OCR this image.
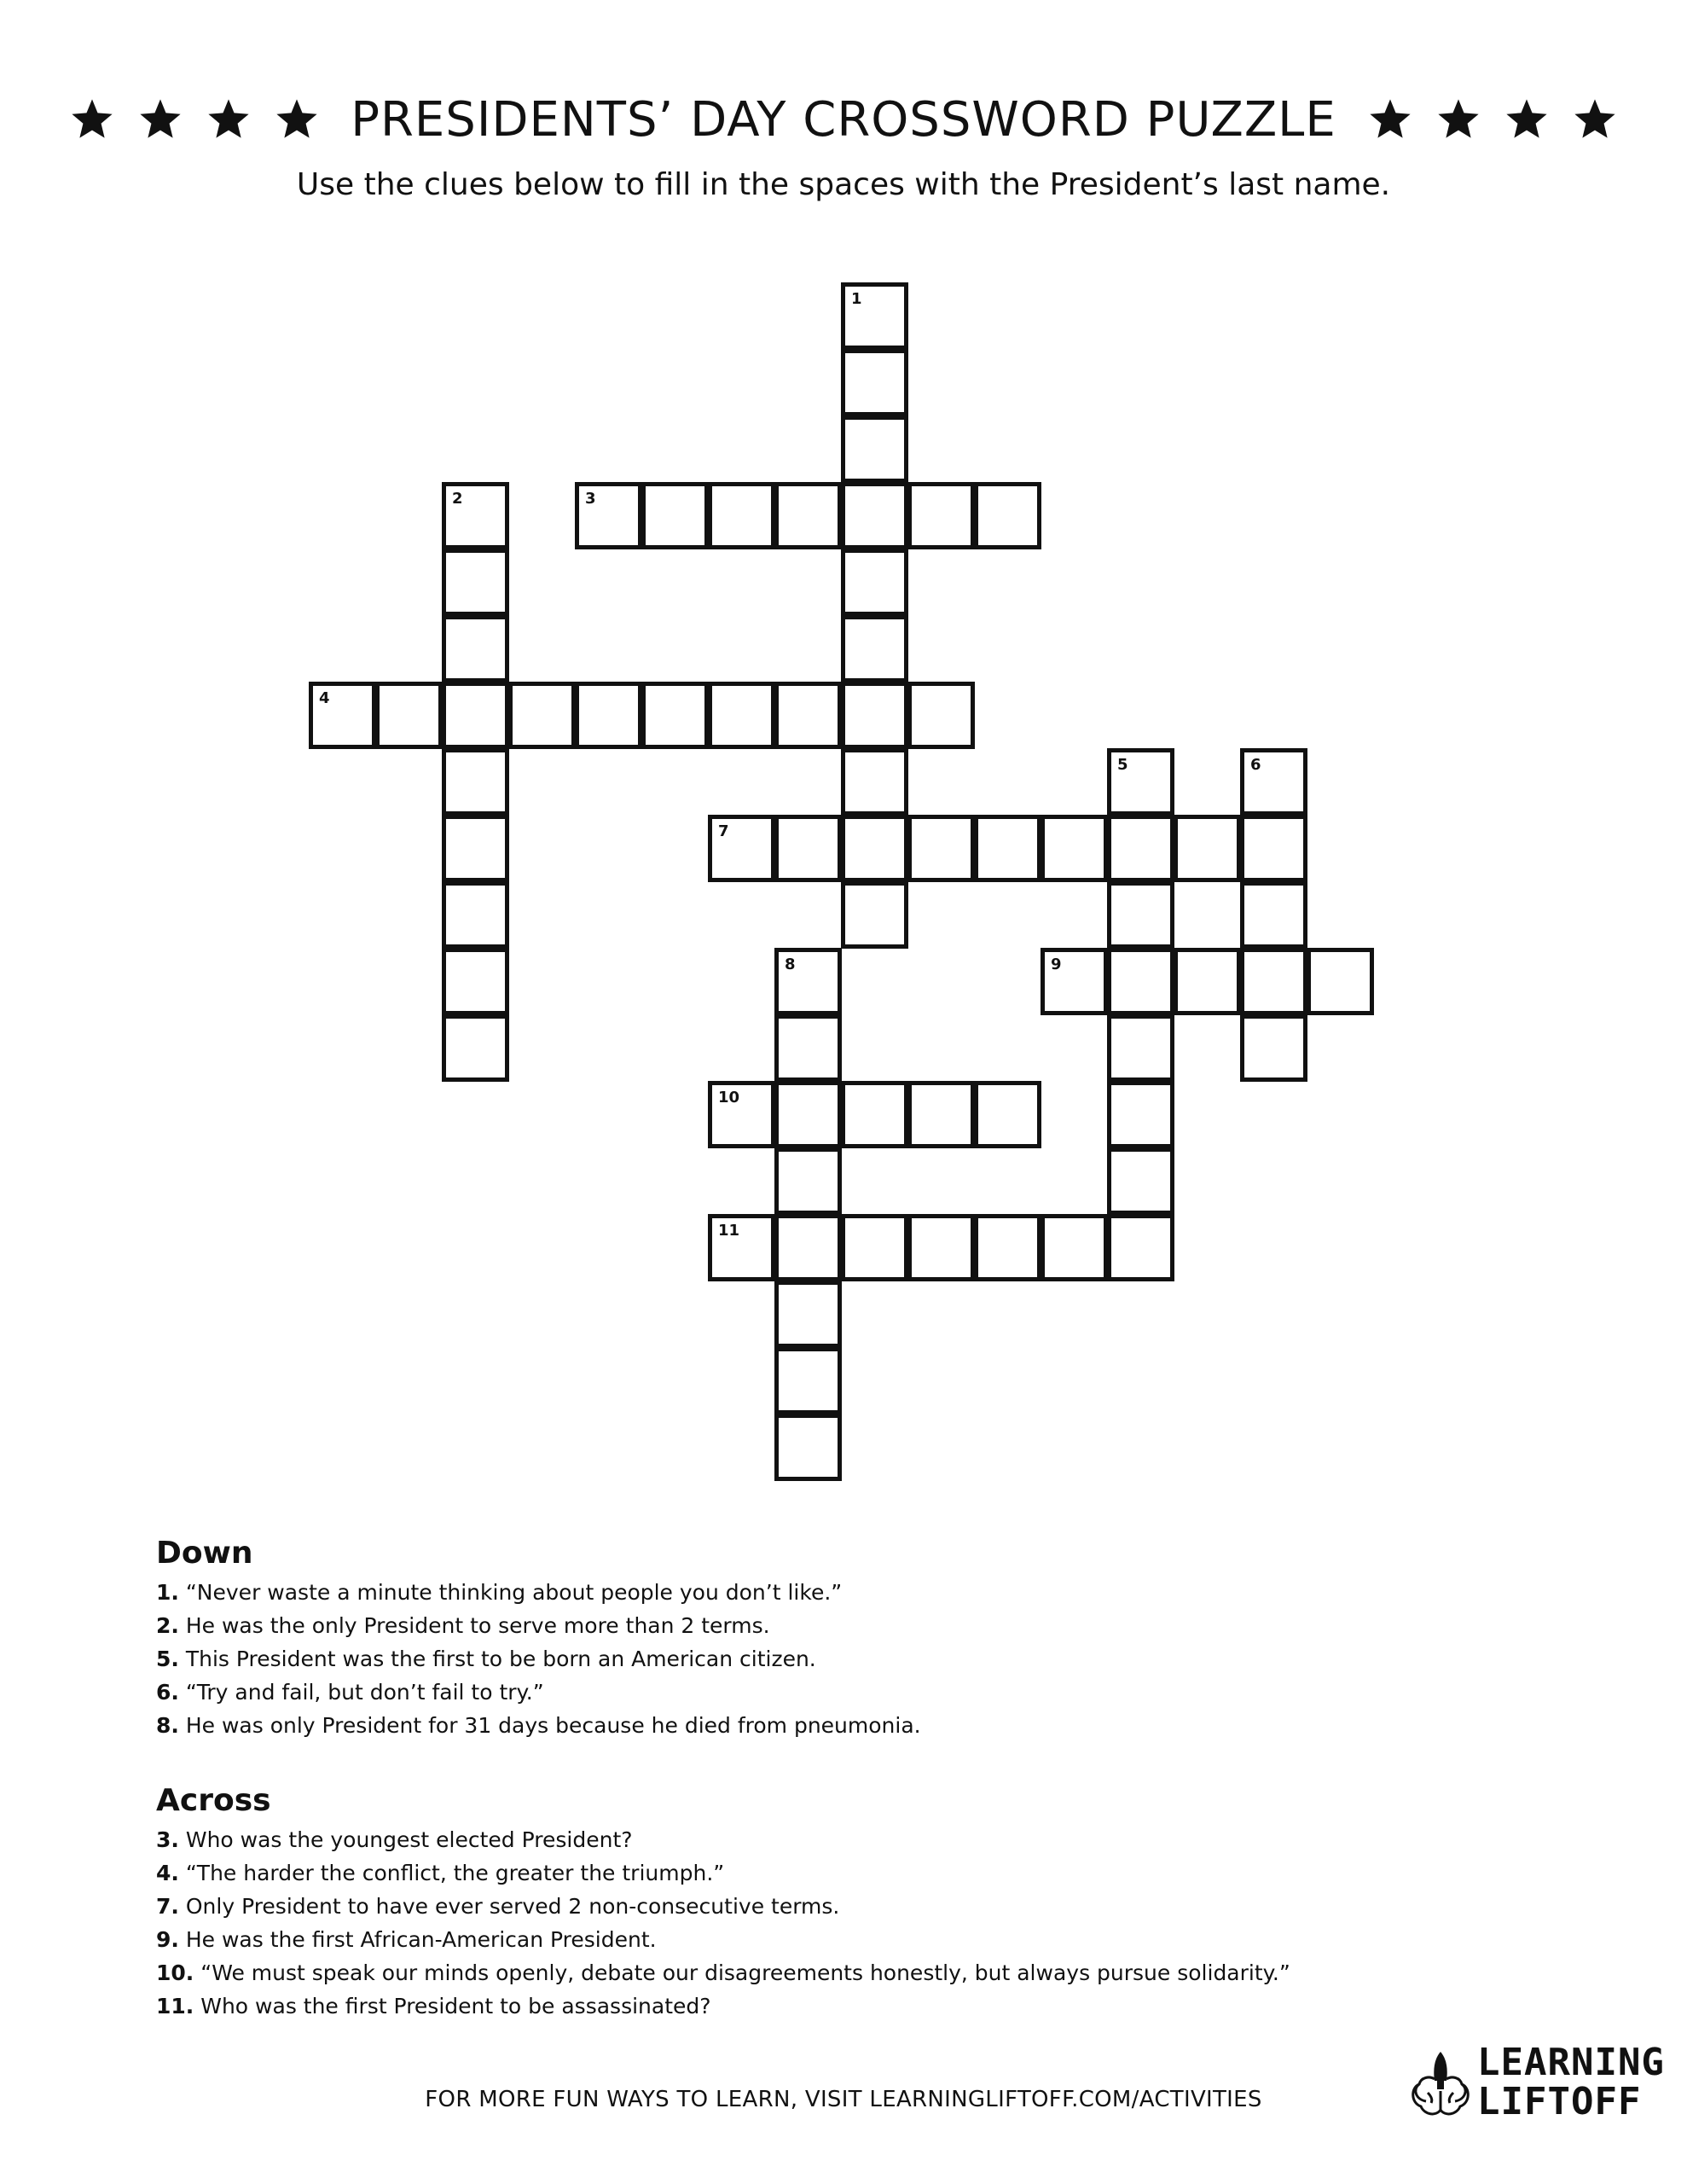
PRESIDENTS’ DAY CROSSWORD PUZZLE
Use the clues below to fill in the spaces with the President’s last name.
1
2	3
4
5	6
7
8	9
10
11
Down
1. “Never waste a minute thinking about people you don’t like.”
2. He was the only President to serve more than 2 terms.
5. This President was the first to be born an American citizen.
6. “Try and fail, but don’t fail to try.”
8. He was only President for 31 days because he died from pneumonia.
Across
3. Who was the youngest elected President?
4. “The harder the conflict, the greater the triumph.”
7. Only President to have ever served 2 non-consecutive terms.
9. He was the first African-American President.
10. “We must speak our minds openly, debate our disagreements honestly, but always pursue solidarity.”
11. Who was the first President to be assassinated?
FOR MORE FUN WAYS TO LEARN, VISIT LEARNINGLIFTOFF.COM/ACTIVITIES
LEARNING
LIFTOFF
